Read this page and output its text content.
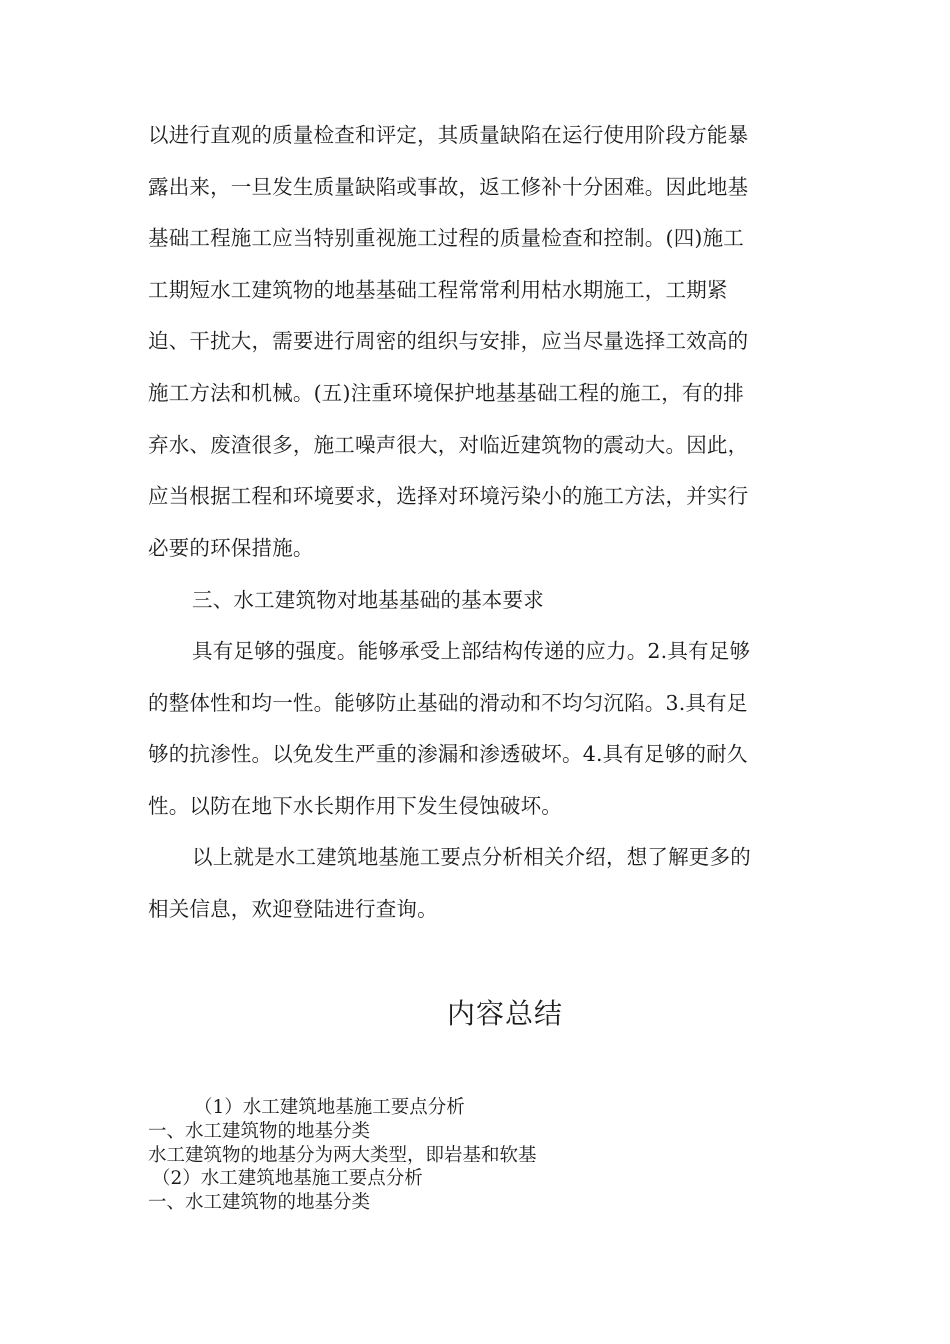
以进行直观的质量检查和评定，其质量缺陷在运行使用阶段方能暴
露出来，一旦发生质量缺陷或事故，返工修补十分困难。因此地基
基础工程施工应当特别重视施工过程的质量检查和控制。(四)施工
工期短水工建筑物的地基基础工程常常利用枯水期施工，工期紧
迫、干扰大，需要进行周密的组织与安排，应当尽量选择工效高的
施工方法和机械。(五)注重环境保护地基基础工程的施工，有的排
弃水、废渣很多，施工噪声很大，对临近建筑物的震动大。因此，
应当根据工程和环境要求，选择对环境污染小的施工方法，并实行
必要的环保措施。
三、水工建筑物对地基基础的基本要求
具有足够的强度。能够承受上部结构传递的应力。2.具有足够
的整体性和均一性。能够防止基础的滑动和不均匀沉陷。3.具有足
够的抗渗性。以免发生严重的渗漏和渗透破坏。4.具有足够的耐久
性。以防在地下水长期作用下发生侵蚀破坏。
以上就是水工建筑地基施工要点分析相关介绍，想了解更多的
相关信息，欢迎登陆进行查询。
内容总结
（1）水工建筑地基施工要点分析
一、水工建筑物的地基分类
水工建筑物的地基分为两大类型，即岩基和软基
（2）水工建筑地基施工要点分析
一、水工建筑物的地基分类
